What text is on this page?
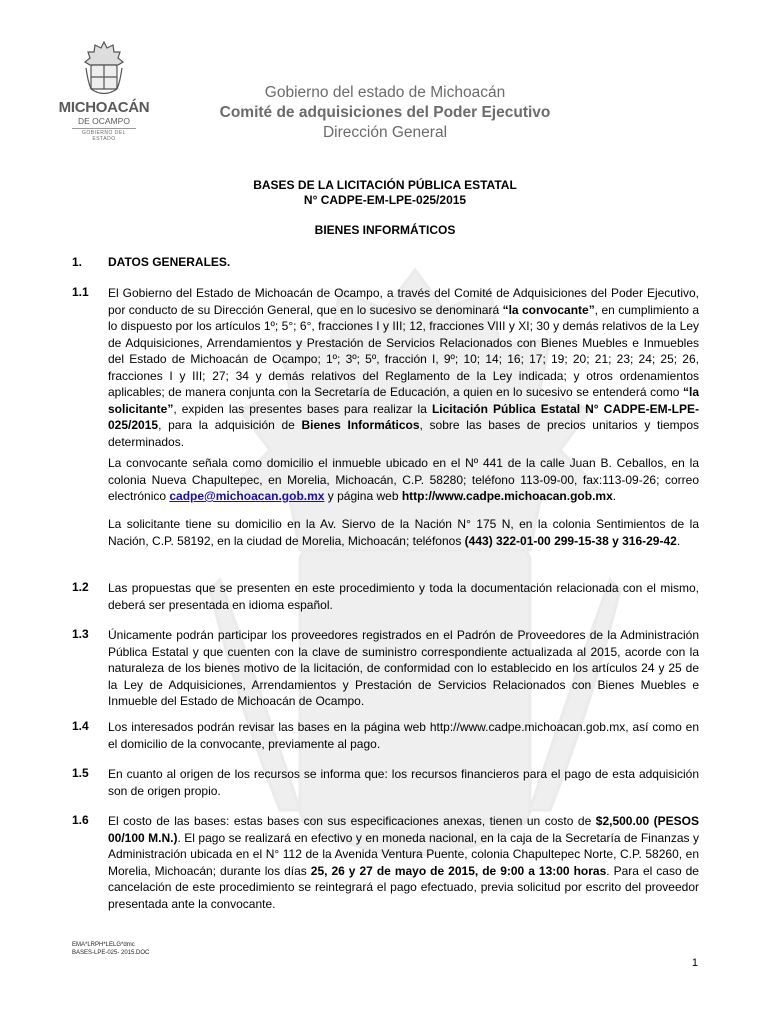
MICHOACÁN
DE OCAMPO
GOBIERNO DEL ESTADO
Gobierno del estado de Michoacán
Comité de adquisiciones del Poder Ejecutivo
Dirección General
BASES DE LA LICITACIÓN PÚBLICA ESTATAL
N° CADPE-EM-LPE-025/2015
BIENES INFORMÁTICOS
1. DATOS GENERALES.
1.1 El Gobierno del Estado de Michoacán de Ocampo, a través del Comité de Adquisiciones del Poder Ejecutivo, por conducto de su Dirección General, que en lo sucesivo se denominará “la convocante”, en cumplimiento a lo dispuesto por los artículos 1º; 5°; 6°, fracciones I y III; 12, fracciones VIII y XI; 30 y demás relativos de la Ley de Adquisiciones, Arrendamientos y Prestación de Servicios Relacionados con Bienes Muebles e Inmuebles del Estado de Michoacán de Ocampo; 1º; 3º; 5º, fracción I, 9º; 10; 14; 16; 17; 19; 20; 21; 23; 24; 25; 26, fracciones I y III; 27; 34 y demás relativos del Reglamento de la Ley indicada; y otros ordenamientos aplicables; de manera conjunta con la Secretaría de Educación, a quien en lo sucesivo se entenderá como “la solicitante”, expiden las presentes bases para realizar la Licitación Pública Estatal N° CADPE-EM-LPE-025/2015, para la adquisición de Bienes Informáticos, sobre las bases de precios unitarios y tiempos determinados.
La convocante señala como domicilio el inmueble ubicado en el Nº 441 de la calle Juan B. Ceballos, en la colonia Nueva Chapultepec, en Morelia, Michoacán, C.P. 58280; teléfono 113-09-00, fax:113-09-26; correo electrónico cadpe@michoacan.gob.mx y página web http://www.cadpe.michoacan.gob.mx.
La solicitante tiene su domicilio en la Av. Siervo de la Nación N° 175 N, en la colonia Sentimientos de la Nación, C.P. 58192, en la ciudad de Morelia, Michoacán; teléfonos (443) 322-01-00 299-15-38 y 316-29-42.
1.2 Las propuestas que se presenten en este procedimiento y toda la documentación relacionada con el mismo, deberá ser presentada en idioma español.
1.3 Únicamente podrán participar los proveedores registrados en el Padrón de Proveedores de la Administración Pública Estatal y que cuenten con la clave de suministro correspondiente actualizada al 2015, acorde con la naturaleza de los bienes motivo de la licitación, de conformidad con lo establecido en los artículos 24 y 25 de la Ley de Adquisiciones, Arrendamientos y Prestación de Servicios Relacionados con Bienes Muebles e Inmueble del Estado de Michoacán de Ocampo.
1.4 Los interesados podrán revisar las bases en la página web http://www.cadpe.michoacan.gob.mx, así como en el domicilio de la convocante, previamente al pago.
1.5 En cuanto al origen de los recursos se informa que: los recursos financieros para el pago de esta adquisición son de origen propio.
1.6 El costo de las bases: estas bases con sus especificaciones anexas, tienen un costo de $2,500.00 (PESOS 00/100 M.N.). El pago se realizará en efectivo y en moneda nacional, en la caja de la Secretaría de Finanzas y Administración ubicada en el N° 112 de la Avenida Ventura Puente, colonia Chapultepec Norte, C.P. 58260, en Morelia, Michoacán; durante los días 25, 26 y 27 de mayo de 2015, de 9:00 a 13:00 horas. Para el caso de cancelación de este procedimiento se reintegrará el pago efectuado, previa solicitud por escrito del proveedor presentada ante la convocante.
EMA*LRPH*LELG*dmc
BASES-LPE-025- 2015.DOC
1
